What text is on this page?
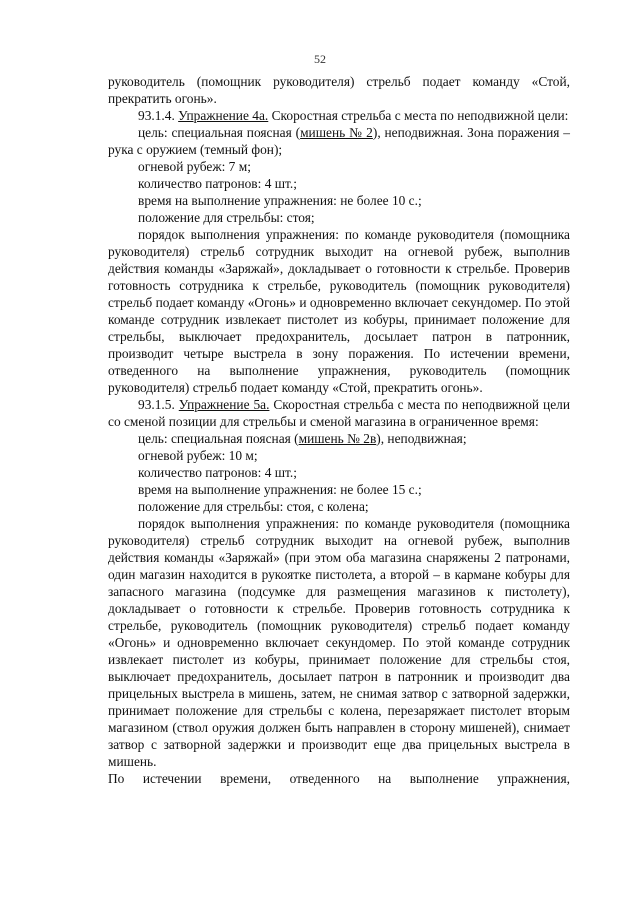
52

руководитель (помощник руководителя) стрельб подает команду «Стой, прекратить огонь».

93.1.4. Упражнение 4а. Скоростная стрельба с места по неподвижной цели:

цель: специальная поясная (мишень № 2), неподвижная. Зона поражения – рука с оружием (темный фон);

огневой рубеж: 7 м;

количество патронов: 4 шт.;

время на выполнение упражнения: не более 10 с.;

положение для стрельбы: стоя;

порядок выполнения упражнения: по команде руководителя (помощника руководителя) стрельб сотрудник выходит на огневой рубеж, выполнив действия команды «Заряжай», докладывает о готовности к стрельбе. Проверив готовность сотрудника к стрельбе, руководитель (помощник руководителя) стрельб подает команду «Огонь» и одновременно включает секундомер. По этой команде сотрудник извлекает пистолет из кобуры, принимает положение для стрельбы, выключает предохранитель, досылает патрон в патронник, производит четыре выстрела в зону поражения. По истечении времени, отведенного на выполнение упражнения, руководитель (помощник руководителя) стрельб подает команду «Стой, прекратить огонь».

93.1.5. Упражнение 5а. Скоростная стрельба с места по неподвижной цели со сменой позиции для стрельбы и сменой магазина в ограниченное время:

цель: специальная поясная (мишень № 2в), неподвижная;

огневой рубеж: 10 м;

количество патронов: 4 шт.;

время на выполнение упражнения: не более 15 с.;

положение для стрельбы: стоя, с колена;

порядок выполнения упражнения: по команде руководителя (помощника руководителя) стрельб сотрудник выходит на огневой рубеж, выполнив действия команды «Заряжай» (при этом оба магазина снаряжены 2 патронами, один магазин находится в рукоятке пистолета, а второй – в кармане кобуры для запасного магазина (подсумке для размещения магазинов к пистолету), докладывает о готовности к стрельбе. Проверив готовность сотрудника к стрельбе, руководитель (помощник руководителя) стрельб подает команду «Огонь» и одновременно включает секундомер. По этой команде сотрудник извлекает пистолет из кобуры, принимает положение для стрельбы стоя, выключает предохранитель, досылает патрон в патронник и производит два прицельных выстрела в мишень, затем, не снимая затвор с затворной задержки, принимает положение для стрельбы с колена, перезаряжает пистолет вторым магазином (ствол оружия должен быть направлен в сторону мишеней), снимает затвор с затворной задержки и производит еще два прицельных выстрела в мишень.

По истечении времени, отведенного на выполнение упражнения,
